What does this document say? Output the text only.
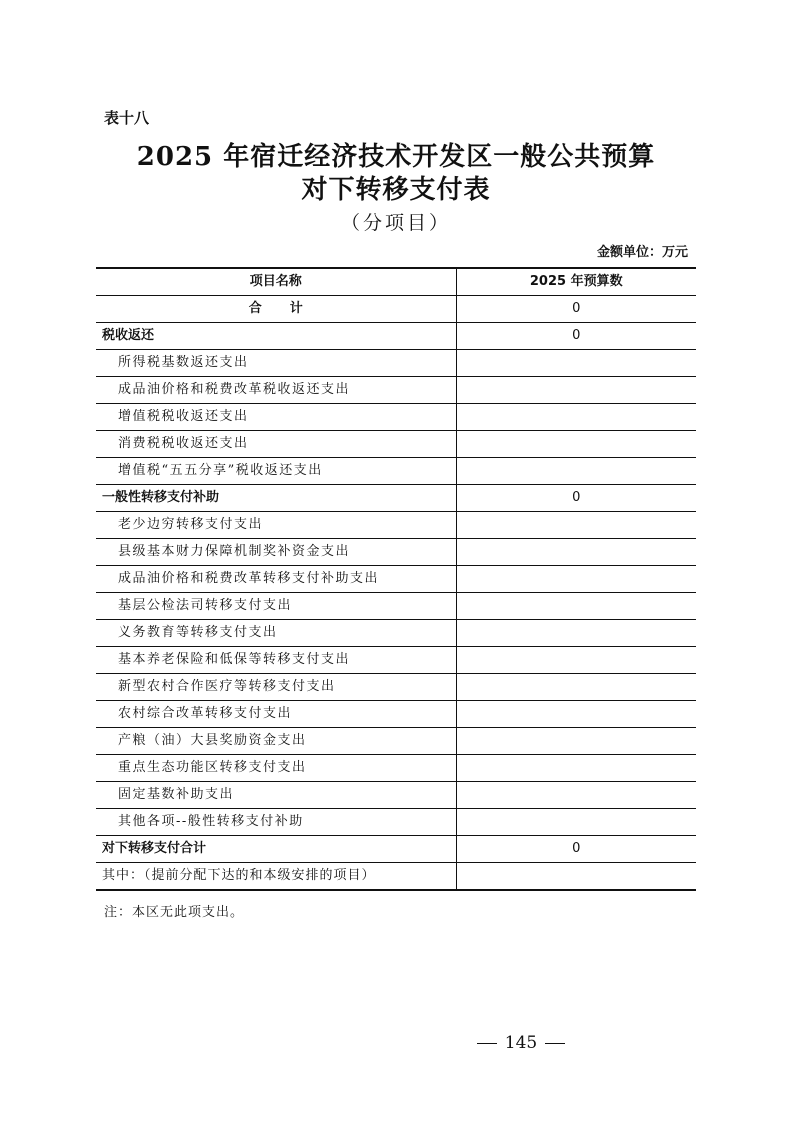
表十八
2025 年宿迁经济技术开发区一般公共预算
对下转移支付表
（分项目）
金额单位：万元
项目名称	2025 年预算数
合计	0
税收返还	0
所得税基数返还支出	
成品油价格和税费改革税收返还支出	
增值税税收返还支出	
消费税税收返还支出	
增值税“五五分享”税收返还支出	
一般性转移支付补助	0
老少边穷转移支付支出	
县级基本财力保障机制奖补资金支出	
成品油价格和税费改革转移支付补助支出	
基层公检法司转移支付支出	
义务教育等转移支付支出	
基本养老保险和低保等转移支付支出	
新型农村合作医疗等转移支付支出	
农村综合改革转移支付支出	
产粮（油）大县奖励资金支出	
重点生态功能区转移支付支出	
固定基数补助支出	
其他各项--般性转移支付补助	
对下转移支付合计	0
其中：（提前分配下达的和本级安排的项目）	
注：本区无此项支出。
145
